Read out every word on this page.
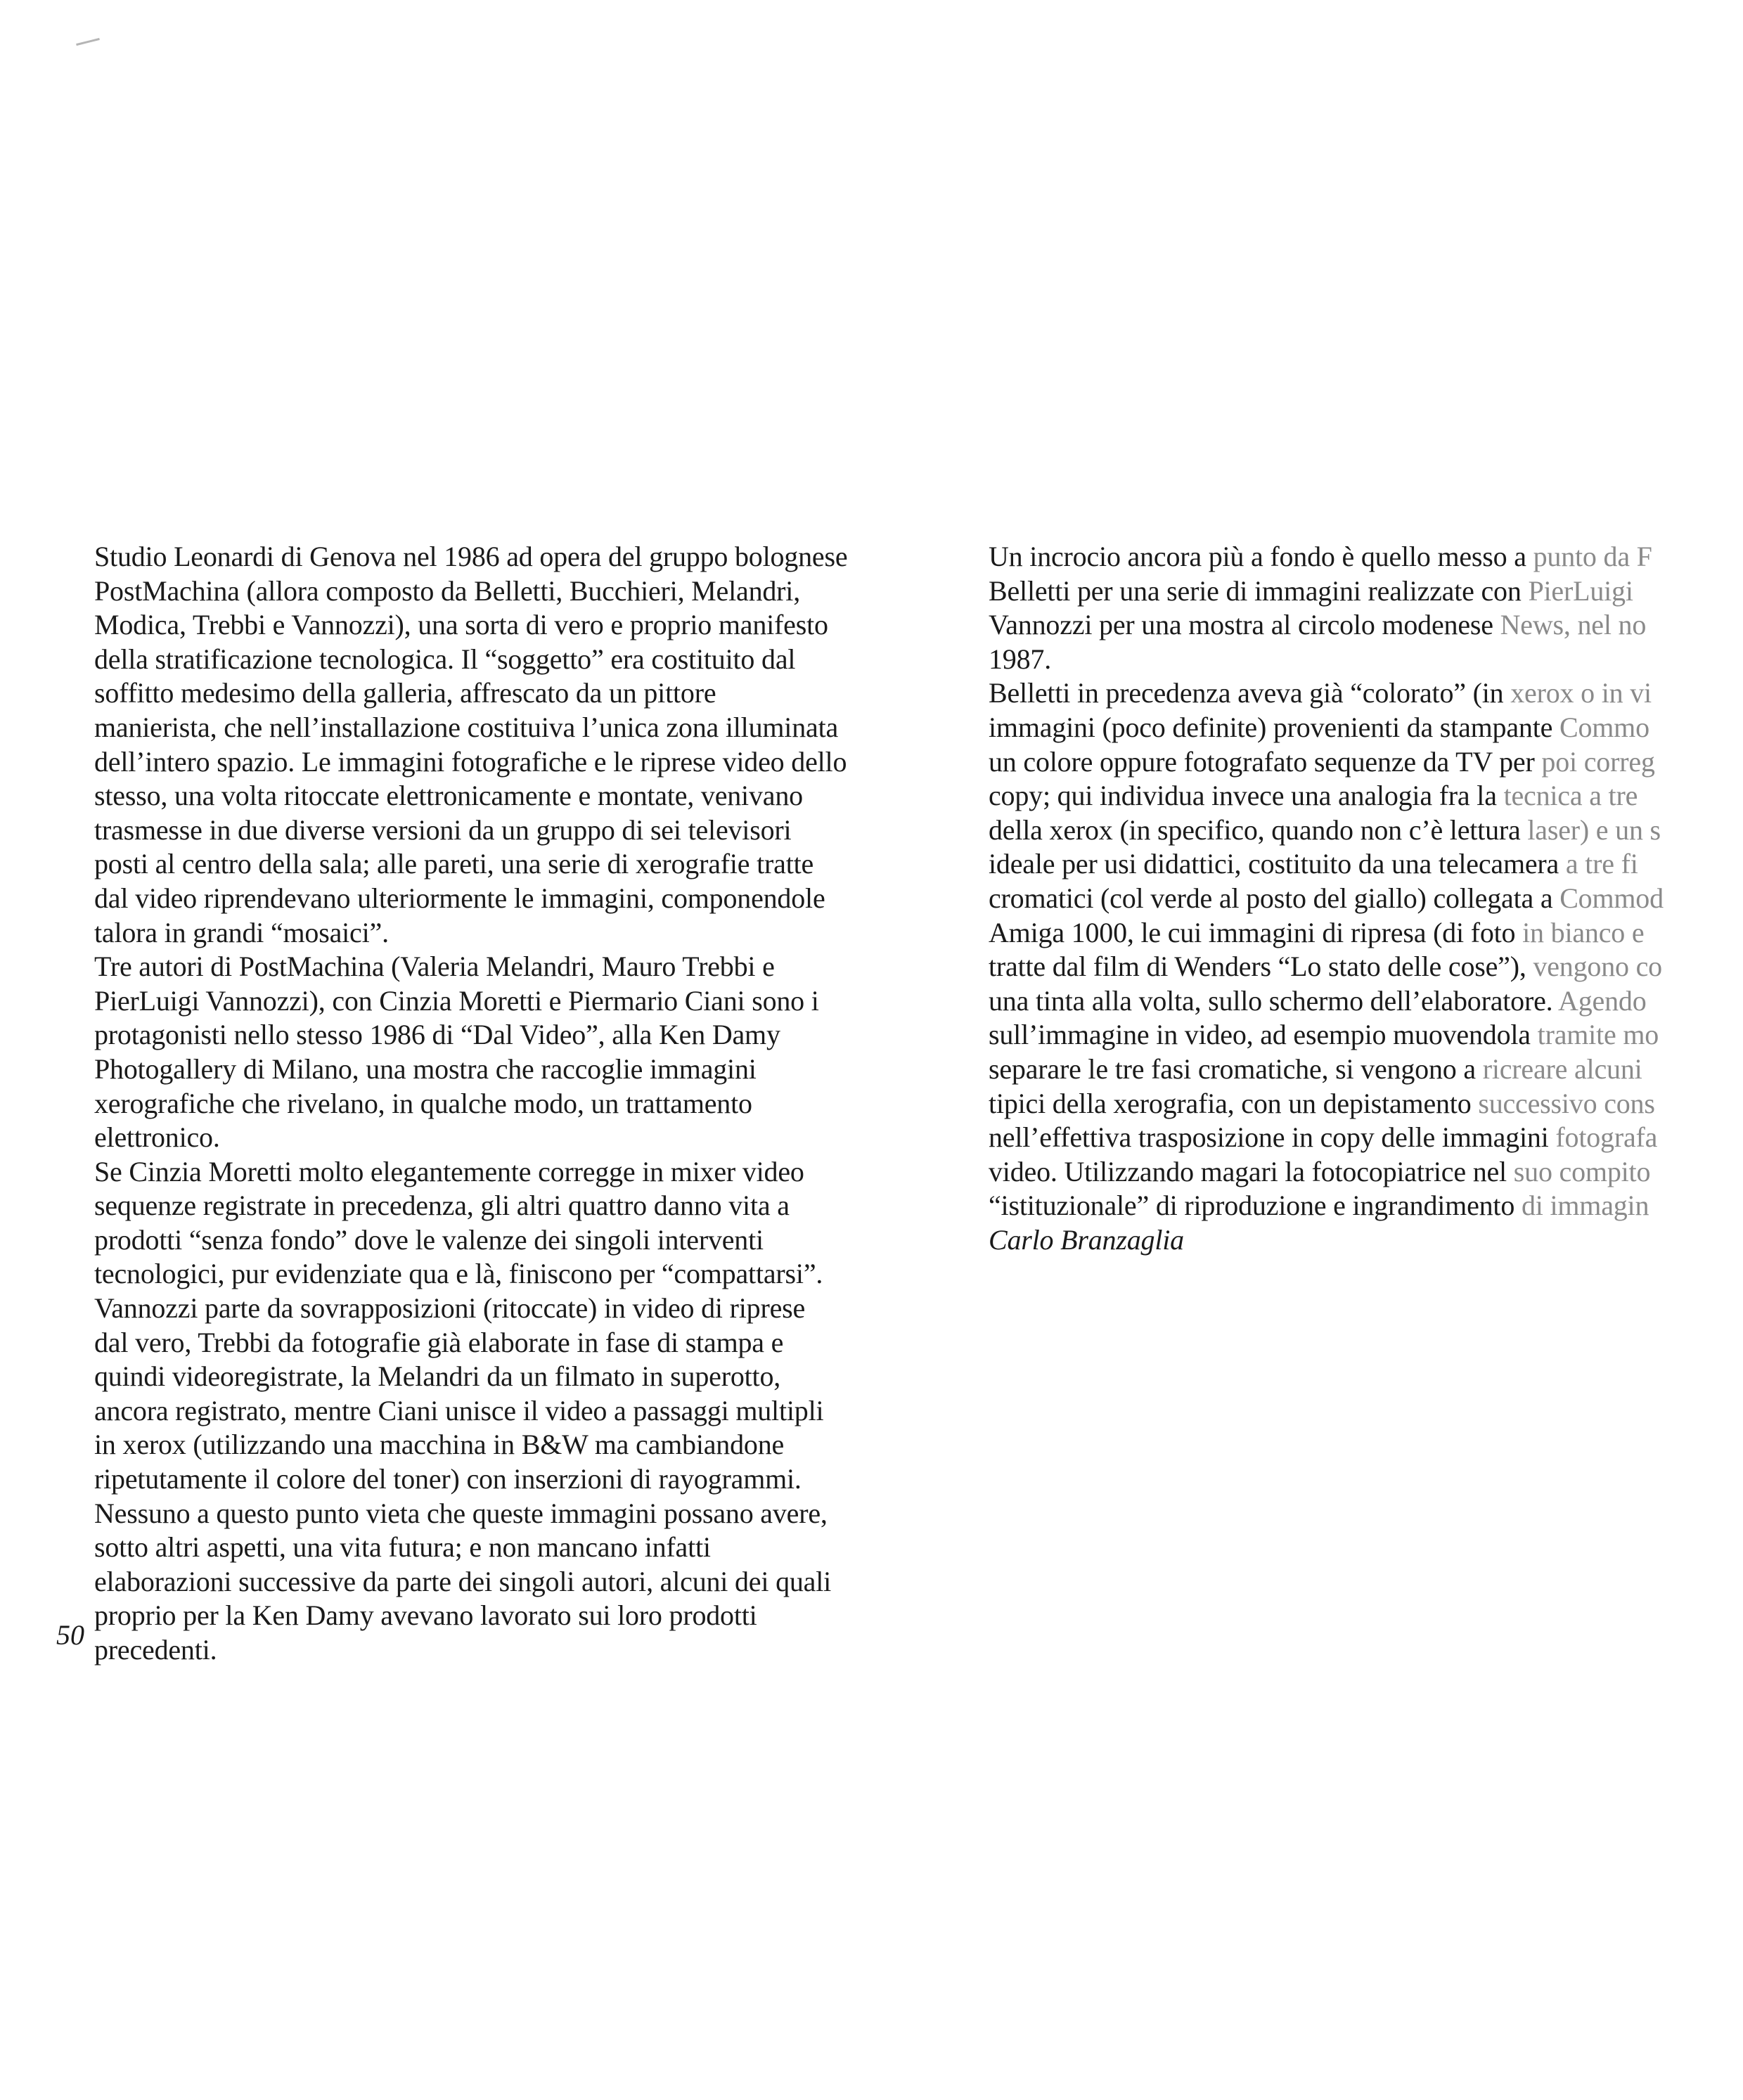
Studio Leonardi di Genova nel 1986 ad opera del gruppo bolognese
PostMachina (allora composto da Belletti, Bucchieri, Melandri,
Modica, Trebbi e Vannozzi), una sorta di vero e proprio manifesto
della stratificazione tecnologica. Il “soggetto” era costituito dal
soffitto medesimo della galleria, affrescato da un pittore
manierista, che nell’installazione costituiva l’unica zona illuminata
dell’intero spazio. Le immagini fotografiche e le riprese video dello
stesso, una volta ritoccate elettronicamente e montate, venivano
trasmesse in due diverse versioni da un gruppo di sei televisori
posti al centro della sala; alle pareti, una serie di xerografie tratte
dal video riprendevano ulteriormente le immagini, componendole
talora in grandi “mosaici”.
Tre autori di PostMachina (Valeria Melandri, Mauro Trebbi e
PierLuigi Vannozzi), con Cinzia Moretti e Piermario Ciani sono i
protagonisti nello stesso 1986 di “Dal Video”, alla Ken Damy
Photogallery di Milano, una mostra che raccoglie immagini
xerografiche che rivelano, in qualche modo, un trattamento
elettronico.
Se Cinzia Moretti molto elegantemente corregge in mixer video
sequenze registrate in precedenza, gli altri quattro danno vita a
prodotti “senza fondo” dove le valenze dei singoli interventi
tecnologici, pur evidenziate qua e là, finiscono per “compattarsi”.
Vannozzi parte da sovrapposizioni (ritoccate) in video di riprese
dal vero, Trebbi da fotografie già elaborate in fase di stampa e
quindi videoregistrate, la Melandri da un filmato in superotto,
ancora registrato, mentre Ciani unisce il video a passaggi multipli
in xerox (utilizzando una macchina in B&W ma cambiandone
ripetutamente il colore del toner) con inserzioni di rayogrammi.
Nessuno a questo punto vieta che queste immagini possano avere,
sotto altri aspetti, una vita futura; e non mancano infatti
elaborazioni successive da parte dei singoli autori, alcuni dei quali
proprio per la Ken Damy avevano lavorato sui loro prodotti
precedenti.
Un incrocio ancora più a fondo è quello messo a punto da F
Belletti per una serie di immagini realizzate con PierLuigi
Vannozzi per una mostra al circolo modenese News, nel no
1987.
Belletti in precedenza aveva già “colorato” (in xerox o in vi
immagini (poco definite) provenienti da stampante Commo
un colore oppure fotografato sequenze da TV per poi correg
copy; qui individua invece una analogia fra la tecnica a tre
della xerox (in specifico, quando non c’è lettura laser) e un s
ideale per usi didattici, costituito da una telecamera a tre fi
cromatici (col verde al posto del giallo) collegata a Commod
Amiga 1000, le cui immagini di ripresa (di foto in bianco e
tratte dal film di Wenders “Lo stato delle cose”), vengono co
una tinta alla volta, sullo schermo dell’elaboratore. Agendo
sull’immagine in video, ad esempio muovendola tramite mo
separare le tre fasi cromatiche, si vengono a ricreare alcuni
tipici della xerografia, con un depistamento successivo cons
nell’effettiva trasposizione in copy delle immagini fotografa
video. Utilizzando magari la fotocopiatrice nel suo compito
“istituzionale” di riproduzione e ingrandimento di immagin
Carlo Branzaglia
50
